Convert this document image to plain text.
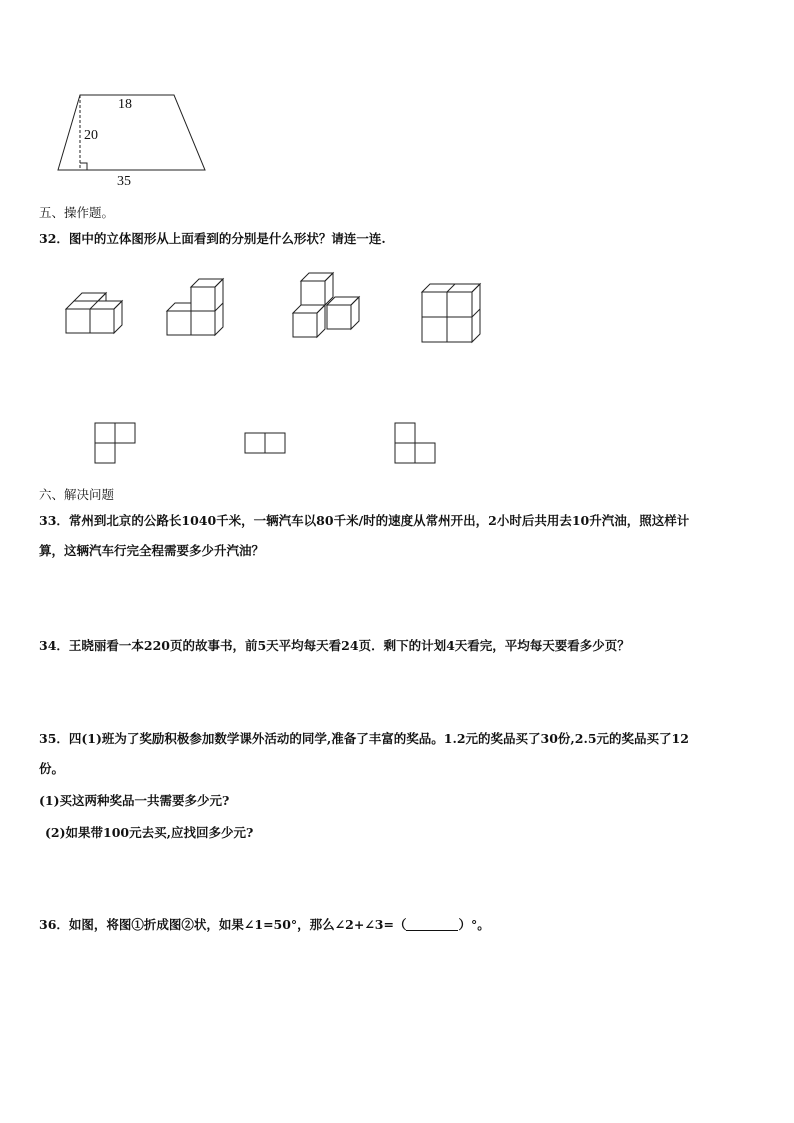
18
20
35
五、操作题。
32．图中的立体图形从上面看到的分别是什么形状？请连一连.
六、解决问题
33．常州到北京的公路长1040千米，一辆汽车以80千米/时的速度从常州开出，2小时后共用去10升汽油，照这样计
算，这辆汽车行完全程需要多少升汽油？
34．王晓丽看一本220页的故事书，前5天平均每天看24页．剩下的计划4天看完，平均每天要看多少页？
35．四(1)班为了奖励积极参加数学课外活动的同学,准备了丰富的奖品。1.2元的奖品买了30份,2.5元的奖品买了12
份。
(1)买这两种奖品一共需要多少元?
(2)如果带100元去买,应找回多少元?
36．如图，将图①折成图②状，如果∠1=50°，那么∠2+∠3=（	）°。
